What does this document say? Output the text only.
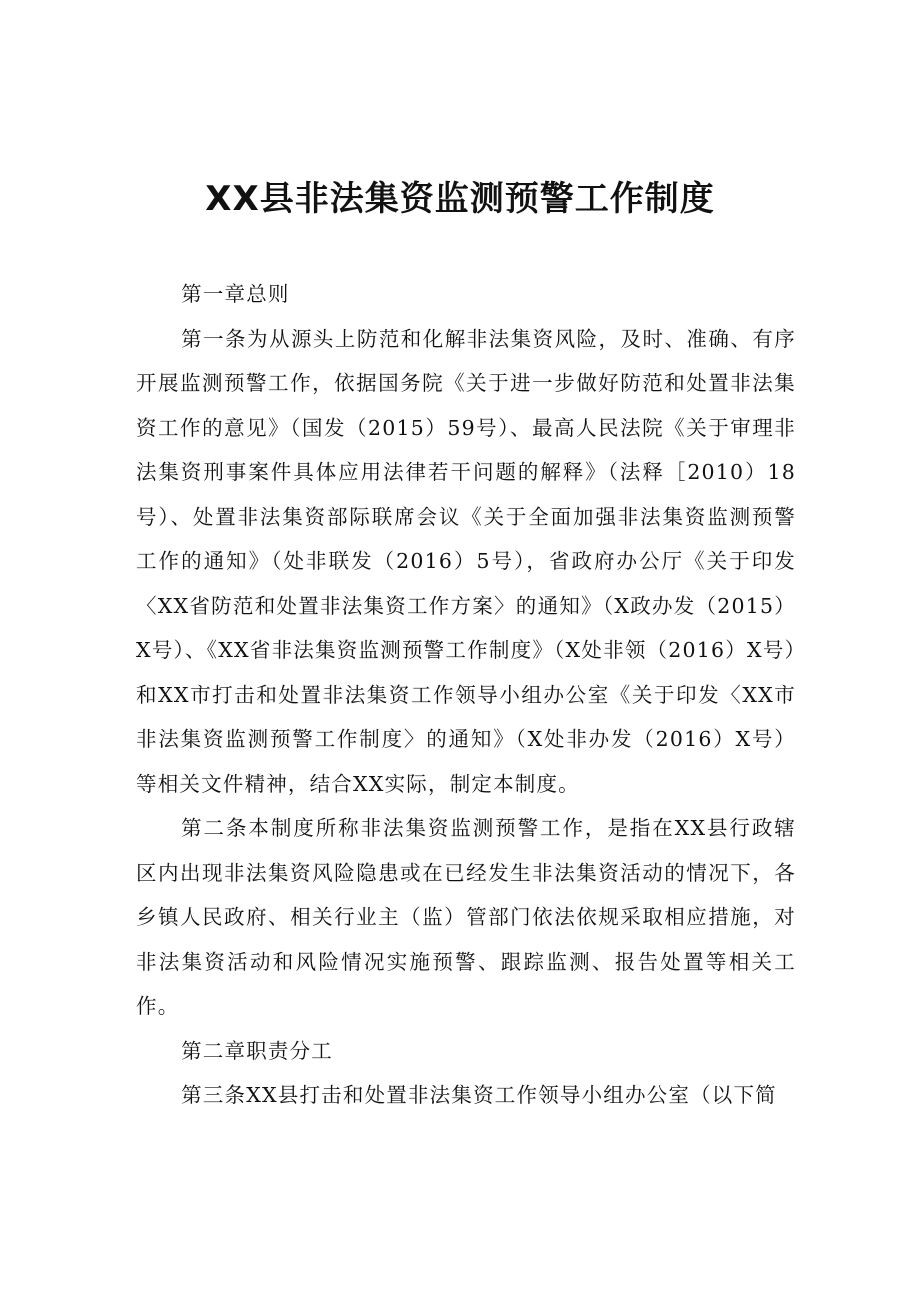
XX县非法集资监测预警工作制度

第一章总则

第一条为从源头上防范和化解非法集资风险，及时、准确、有序开展监测预警工作，依据国务院《关于进一步做好防范和处置非法集资工作的意见》（国发（2015）59号）、最高人民法院《关于审理非法集资刑事案件具体应用法律若干问题的解释》（法释［2010）18号）、处置非法集资部际联席会议《关于全面加强非法集资监测预警工作的通知》（处非联发（2016）5号），省政府办公厅《关于印发〈XX省防范和处置非法集资工作方案〉的通知》（X政办发（2015）X号）、《XX省非法集资监测预警工作制度》（X处非领（2016）X号）和XX市打击和处置非法集资工作领导小组办公室《关于印发〈XX市非法集资监测预警工作制度〉的通知》（X处非办发（2016）X号）等相关文件精神，结合XX实际，制定本制度。

第二条本制度所称非法集资监测预警工作，是指在XX县行政辖区内出现非法集资风险隐患或在已经发生非法集资活动的情况下，各乡镇人民政府、相关行业主（监）管部门依法依规采取相应措施，对非法集资活动和风险情况实施预警、跟踪监测、报告处置等相关工作。

第二章职责分工

第三条XX县打击和处置非法集资工作领导小组办公室（以下简
